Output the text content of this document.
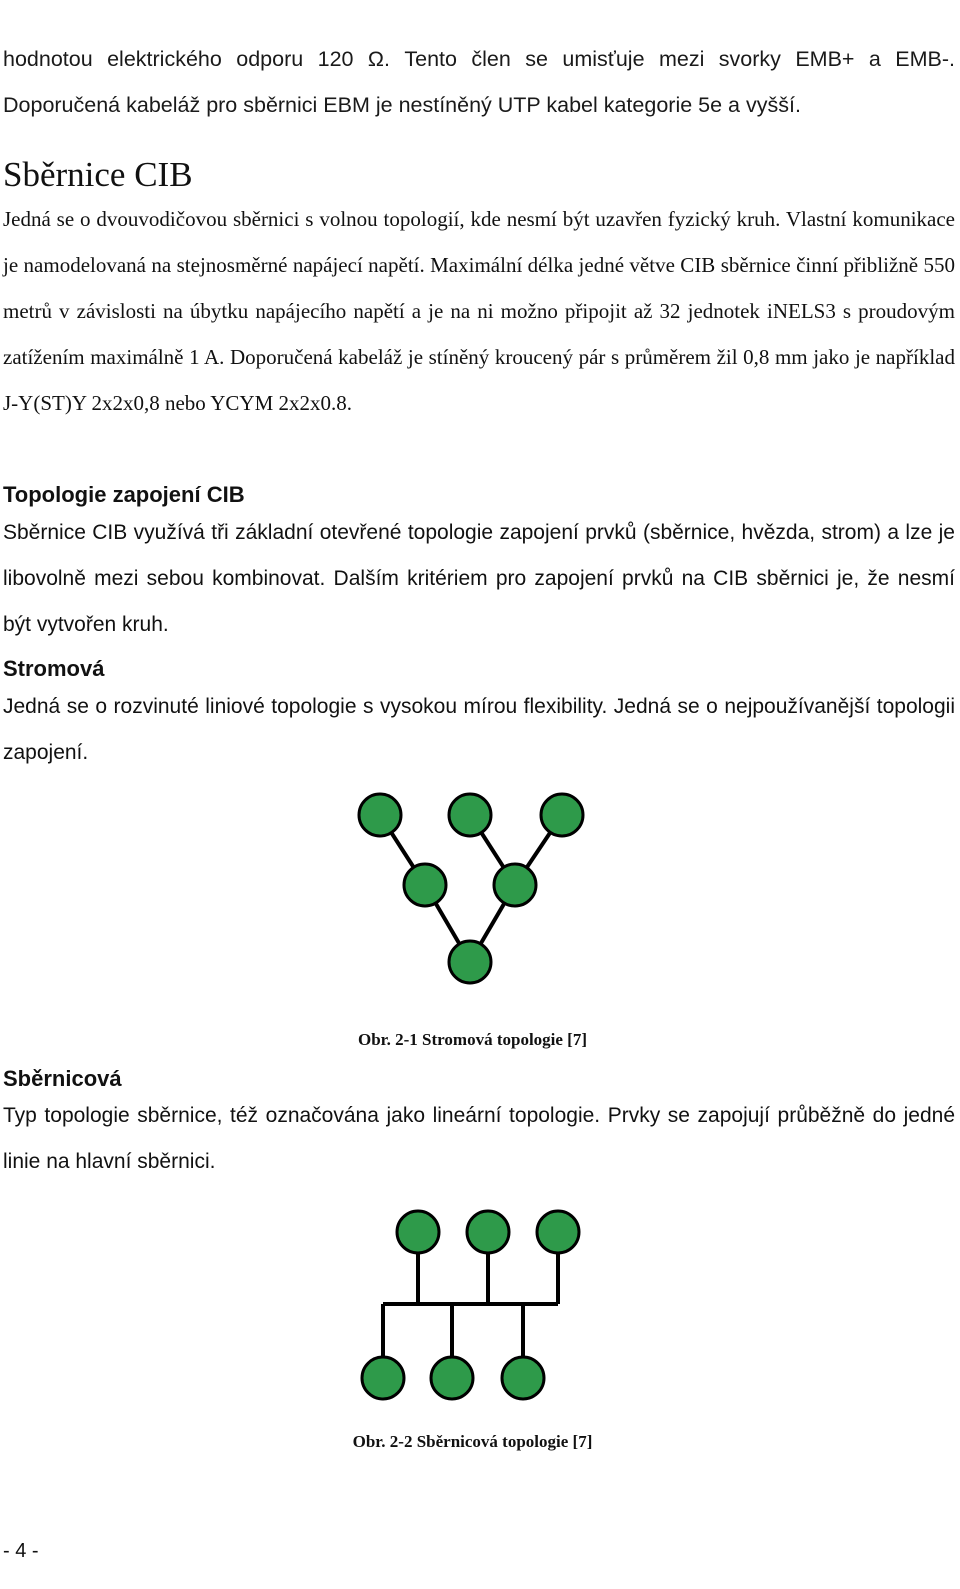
hodnotou elektrického odporu 120 Ω. Tento člen se umisťuje mezi svorky EMB+ a EMB-. Doporučená kabeláž pro sběrnici EBM je nestíněný UTP kabel kategorie 5e a vyšší.
Sběrnice CIB
Jedná se o dvouvodičovou sběrnici s volnou topologií, kde nesmí být uzavřen fyzický kruh. Vlastní komunikace je namodelovaná na stejnosměrné napájecí napětí. Maximální délka jedné větve CIB sběrnice činní přibližně 550 metrů v závislosti na úbytku napájecího napětí a je na ni možno připojit až 32 jednotek iNELS3 s proudovým zatížením maximálně 1 A. Doporučená kabeláž je stíněný kroucený pár s průměrem žil 0,8 mm jako je například J-Y(ST)Y 2x2x0,8 nebo YCYM 2x2x0.8.
Topologie zapojení CIB
Sběrnice CIB využívá tři základní otevřené topologie zapojení prvků (sběrnice, hvězda, strom) a lze je libovolně mezi sebou kombinovat. Dalším kritériem pro zapojení prvků na CIB sběrnici je, že nesmí být vytvořen kruh.
Stromová
Jedná se o rozvinuté liniové topologie s vysokou mírou flexibility. Jedná se o nejpoužívanější topologii zapojení.
Obr. 2-1 Stromová topologie [7]
Sběrnicová
Typ topologie sběrnice, též označována jako lineární topologie. Prvky se zapojují průběžně do jedné linie na hlavní sběrnici.
Obr. 2-2 Sběrnicová topologie [7]
- 4 -
